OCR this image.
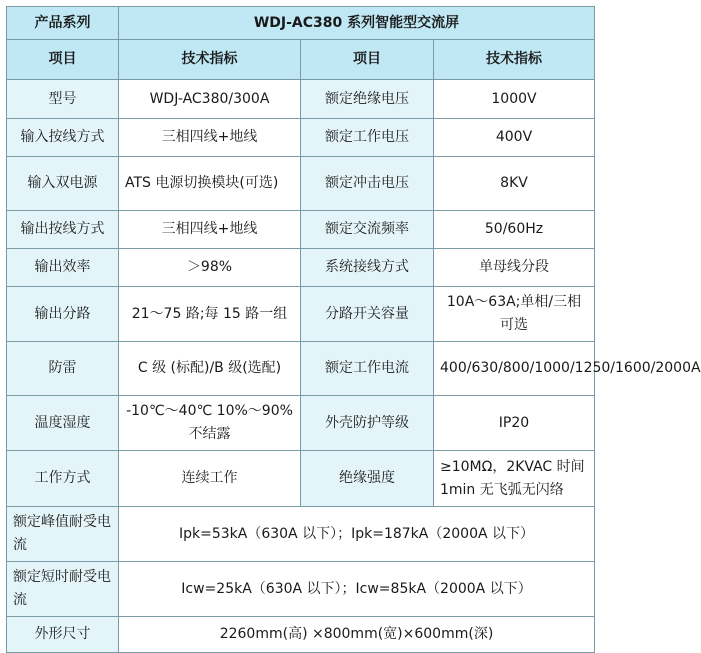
产品系列	WDJ-AC380 系列智能型交流屏		
项目	技术指标	项目	技术指标
型号	WDJ-AC380/300A	额定绝缘电压	1000V
输入按线方式	三相四线+地线	额定工作电压	400V
输入双电源	ATS 电源切换模块(可选)	额定冲击电压	8KV
输出按线方式	三相四线+地线	额定交流频率	50/60Hz
输出效率	＞98%	系统接线方式	单母线分段
输出分路	21～75 路;每 15 路一组	分路开关容量	10A～63A;单相/三相可选
防雷	C 级 (标配)/B 级(选配)	额定工作电流	400/630/800/1000/1250/1600/2000A
温度湿度	-10℃～40℃ 10%～90%不结露	外壳防护等级	IP20
工作方式	连续工作	绝缘强度	≥10MΩ，2KVAC 时间 1min 无飞弧无闪络
额定峰值耐受电流	Ipk=53kA（630A 以下）；Ipk=187kA（2000A 以下）		
额定短时耐受电流	Icw=25kA（630A 以下）；Icw=85kA（2000A 以下）		
外形尺寸	2260mm(高) ×800mm(宽)×600mm(深)		
